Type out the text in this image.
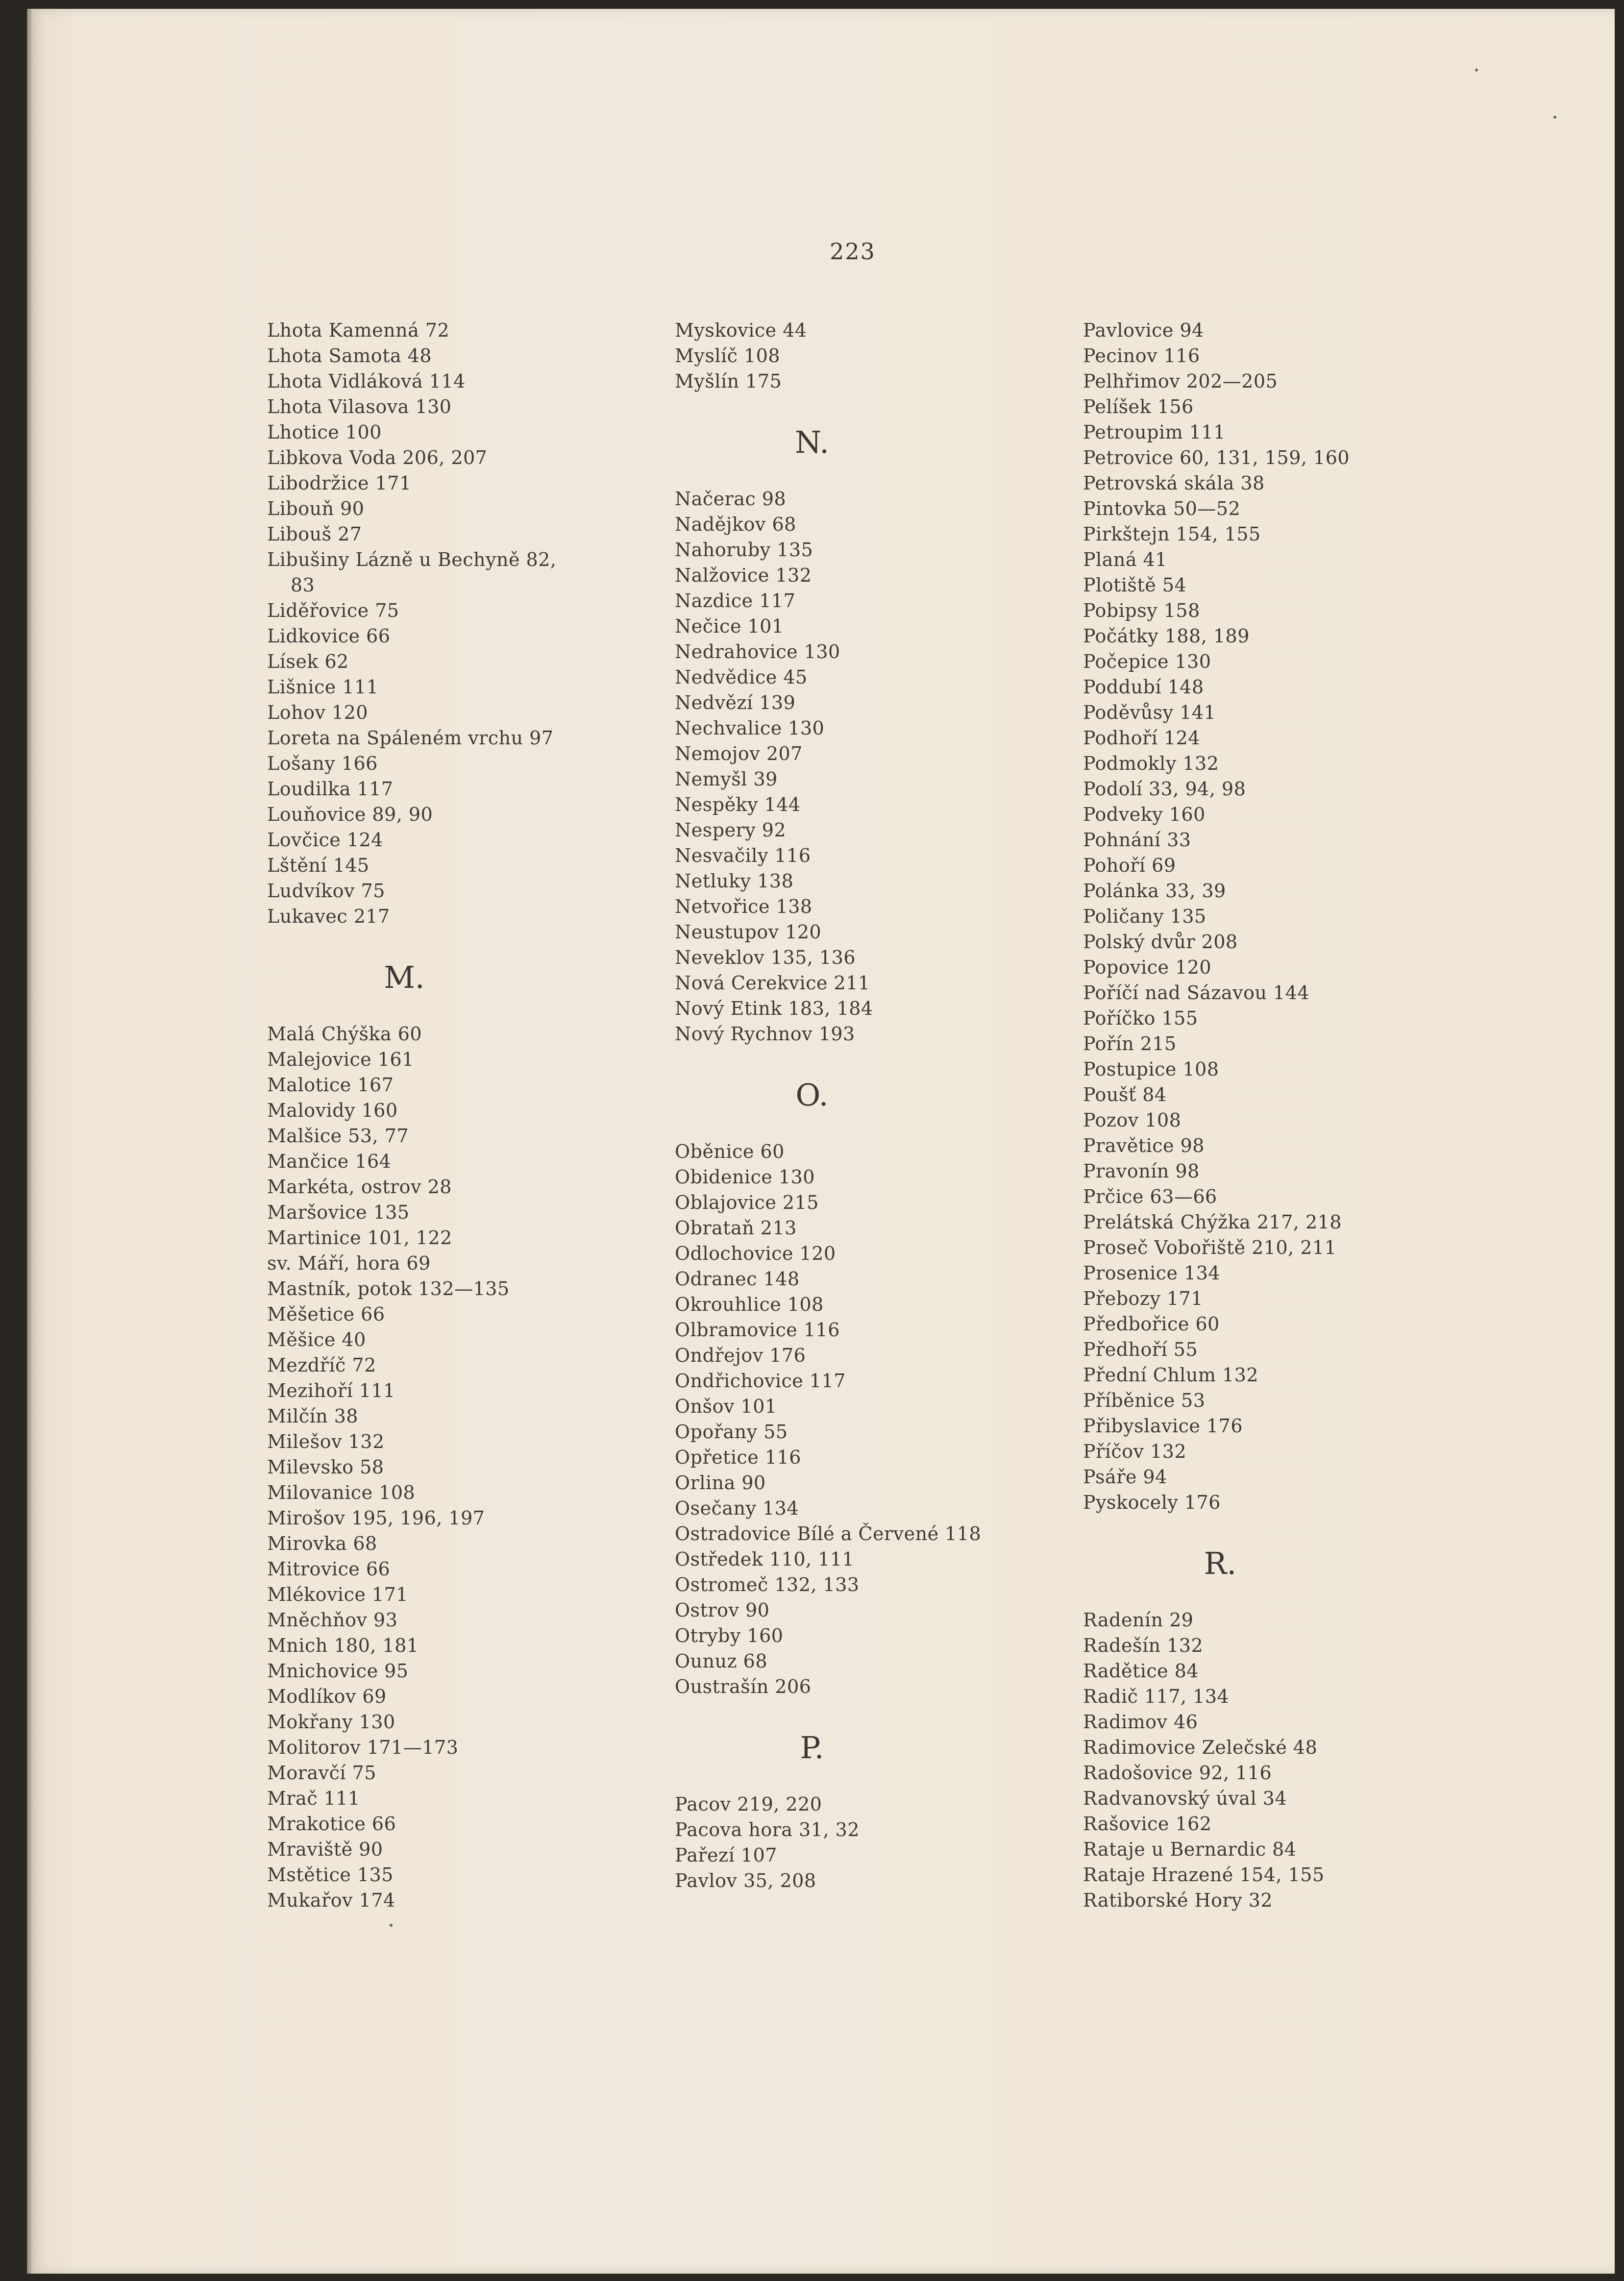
223

Lhota Kamenná 72

Lhota Samota 48

Lhota Vidláková 114

Lhota Vilasova 130

Lhotice 100

Libkova Voda 206, 207

Libodržice 171

Libouň 90

Libouš 27

Libušiny Lázně u Bechyně 82,

83

Liděřovice 75

Lidkovice 66

Lísek 62

Lišnice 111

Lohov 120

Loreta na Spáleném vrchu 97

Lošany 166

Loudilka 117

Louňovice 89, 90

Lovčice 124

Lštění 145

Ludvíkov 75

Lukavec 217

M.

Malá Chýška 60

Malejovice 161

Malotice 167

Malovidy 160

Malšice 53, 77

Mančice 164

Markéta, ostrov 28

Maršovice 135

Martinice 101, 122

sv. Máří, hora 69

Mastník, potok 132—135

Měšetice 66

Měšice 40

Mezdříč 72

Mezihoří 111

Milčín 38

Milešov 132

Milevsko 58

Milovanice 108

Mirošov 195, 196, 197

Mirovka 68

Mitrovice 66

Mlékovice 171

Mněchňov 93

Mnich 180, 181

Mnichovice 95

Modlíkov 69

Mokřany 130

Molitorov 171—173

Moravčí 75

Mrač 111

Mrakotice 66

Mraviště 90

Mstětice 135

Mukařov 174

Myskovice 44

Myslíč 108

Myšlín 175

N.

Načerac 98

Nadějkov 68

Nahoruby 135

Nalžovice 132

Nazdice 117

Nečice 101

Nedrahovice 130

Nedvědice 45

Nedvězí 139

Nechvalice 130

Nemojov 207

Nemyšl 39

Nespěky 144

Nespery 92

Nesvačily 116

Netluky 138

Netvořice 138

Neustupov 120

Neveklov 135, 136

Nová Cerekvice 211

Nový Etink 183, 184

Nový Rychnov 193

O.

Oběnice 60

Obidenice 130

Oblajovice 215

Obrataň 213

Odlochovice 120

Odranec 148

Okrouhlice 108

Olbramovice 116

Ondřejov 176

Ondřichovice 117

Onšov 101

Opořany 55

Opřetice 116

Orlina 90

Osečany 134

Ostradovice Bílé a Červené 118

Ostředek 110, 111

Ostromeč 132, 133

Ostrov 90

Otryby 160

Ounuz 68

Oustrašín 206

P.

Pacov 219, 220

Pacova hora 31, 32

Pařezí 107

Pavlov 35, 208

Pavlovice 94

Pecinov 116

Pelhřimov 202—205

Pelíšek 156

Petroupim 111

Petrovice 60, 131, 159, 160

Petrovská skála 38

Pintovka 50—52

Pirkštejn 154, 155

Planá 41

Plotiště 54

Pobipsy 158

Počátky 188, 189

Počepice 130

Poddubí 148

Poděvůsy 141

Podhoří 124

Podmokly 132

Podolí 33, 94, 98

Podveky 160

Pohnání 33

Pohoří 69

Polánka 33, 39

Poličany 135

Polský dvůr 208

Popovice 120

Poříčí nad Sázavou 144

Poříčko 155

Pořín 215

Postupice 108

Poušť 84

Pozov 108

Pravětice 98

Pravonín 98

Prčice 63—66

Prelátská Chýžka 217, 218

Proseč Vobořiště 210, 211

Prosenice 134

Přebozy 171

Předbořice 60

Předhoří 55

Přední Chlum 132

Příběnice 53

Přibyslavice 176

Příčov 132

Psáře 94

Pyskocely 176

R.

Radenín 29

Radešín 132

Radětice 84

Radič 117, 134

Radimov 46

Radimovice Zelečské 48

Radošovice 92, 116

Radvanovský úval 34

Rašovice 162

Rataje u Bernardic 84

Rataje Hrazené 154, 155

Ratiborské Hory 32
